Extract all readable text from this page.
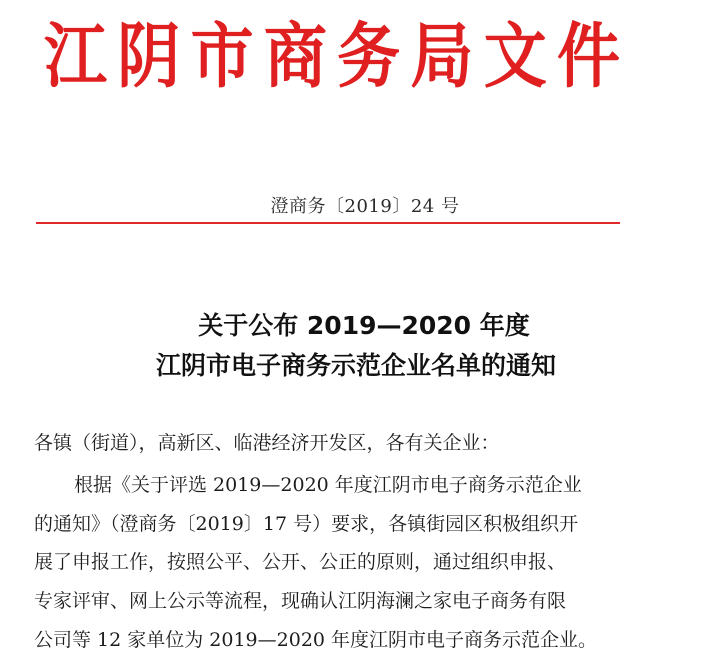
江 阴 市 商 务 局 文 件
澄商务〔2019〕24 号
关于公布 2019—2020 年度
江阴市电子商务示范企业名单的通知
各镇（街道），高新区、临港经济开发区，各有关企业：
根据《关于评选 2019—2020 年度江阴市电子商务示范企业
的通知》（澄商务〔2019〕17 号）要求，各镇街园区积极组织开
展了申报工作，按照公平、公开、公正的原则，通过组织申报、
专家评审、网上公示等流程，现确认江阴海澜之家电子商务有限
公司等 12 家单位为 2019—2020 年度江阴市电子商务示范企业。
